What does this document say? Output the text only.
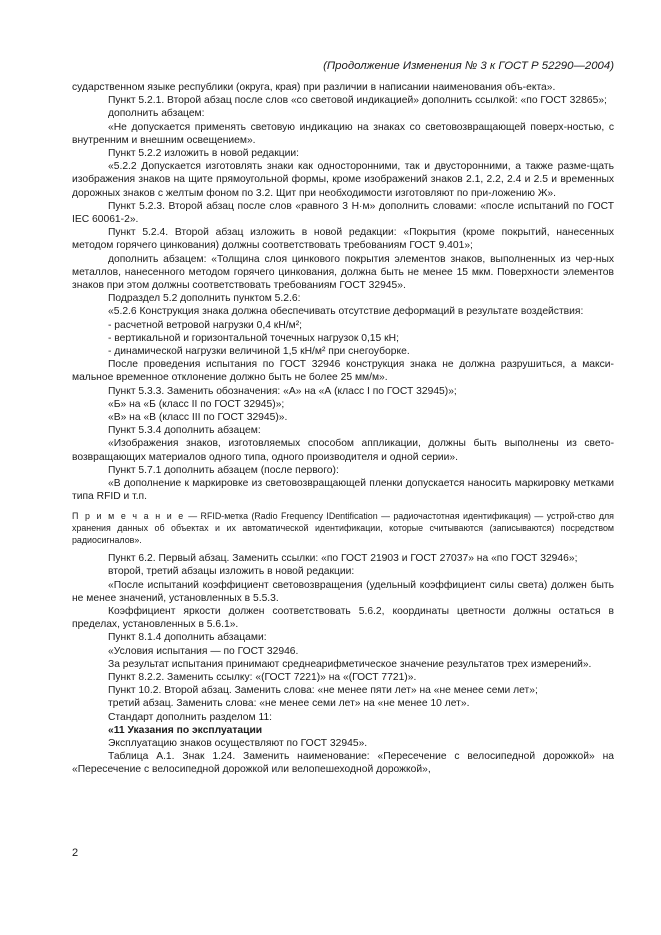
(Продолжение Изменения № 3 к ГОСТ Р 52290—2004)
сударственном языке республики (округа, края) при различии в написании наименования объ-екта».
Пункт 5.2.1. Второй абзац после слов «со световой индикацией» дополнить ссылкой: «по ГОСТ 32865»;
дополнить абзацем:
«Не допускается применять световую индикацию на знаках со световозвращающей поверх-ностью, с внутренним и внешним освещением».
Пункт 5.2.2 изложить в новой редакции:
«5.2.2 Допускается изготовлять знаки как односторонними, так и двусторонними, а также разме-щать изображения знаков на щите прямоугольной формы, кроме изображений знаков 2.1, 2.2, 2.4 и 2.5 и временных дорожных знаков с желтым фоном по 3.2. Щит при необходимости изготовляют по при-ложению Ж».
Пункт 5.2.3. Второй абзац после слов «равного 3 Н·м» дополнить словами: «после испытаний по ГОСТ IEC 60061-2».
Пункт 5.2.4. Второй абзац изложить в новой редакции: «Покрытия (кроме покрытий, нанесенных методом горячего цинкования) должны соответствовать требованиям ГОСТ 9.401»;
дополнить абзацем: «Толщина слоя цинкового покрытия элементов знаков, выполненных из чер-ных металлов, нанесенного методом горячего цинкования, должна быть не менее 15 мкм. Поверхности элементов знаков при этом должны соответствовать требованиям ГОСТ 32945».
Подраздел 5.2 дополнить пунктом 5.2.6:
«5.2.6 Конструкция знака должна обеспечивать отсутствие деформаций в результате воздействия:
- расчетной ветровой нагрузки 0,4 кН/м²;
- вертикальной и горизонтальной точечных нагрузок 0,15 кН;
- динамической нагрузки величиной 1,5 кН/м² при снегоуборке.
После проведения испытания по ГОСТ 32946 конструкция знака не должна разрушиться, а макси-мальное временное отклонение должно быть не более 25 мм/м».
Пункт 5.3.3. Заменить обозначения: «А» на «А (класс I по ГОСТ 32945)»;
«Б» на «Б (класс II по ГОСТ 32945)»;
«В» на «В (класс III по ГОСТ 32945)».
Пункт 5.3.4 дополнить абзацем:
«Изображения знаков, изготовляемых способом аппликации, должны быть выполнены из свето-возвращающих материалов одного типа, одного производителя и одной серии».
Пункт 5.7.1 дополнить абзацем (после первого):
«В дополнение к маркировке из световозвращающей пленки допускается наносить маркировку метками типа RFID и т.п.
П р и м е ч а н и е — RFID-метка (Radio Frequency IDentification — радиочастотная идентификация) — устрой-ство для хранения данных об объектах и их автоматической идентификации, которые считываются (записываются) посредством радиосигналов».
Пункт 6.2. Первый абзац. Заменить ссылки: «по ГОСТ 21903 и ГОСТ 27037» на «по ГОСТ 32946»;
второй, третий абзацы изложить в новой редакции:
«После испытаний коэффициент световозвращения (удельный коэффициент силы света) должен быть не менее значений, установленных в 5.5.3.
Коэффициент яркости должен соответствовать 5.6.2, координаты цветности должны остаться в пределах, установленных в 5.6.1».
Пункт 8.1.4 дополнить абзацами:
«Условия испытания — по ГОСТ 32946.
За результат испытания принимают среднеарифметическое значение результатов трех измерений».
Пункт 8.2.2. Заменить ссылку: «(ГОСТ 7221)» на «(ГОСТ 7721)».
Пункт 10.2. Второй абзац. Заменить слова: «не менее пяти лет» на «не менее семи лет»;
третий абзац. Заменить слова: «не менее семи лет» на «не менее 10 лет».
Стандарт дополнить разделом 11:
«11 Указания по эксплуатации
Эксплуатацию знаков осуществляют по ГОСТ 32945».
Таблица А.1. Знак 1.24. Заменить наименование: «Пересечение с велосипедной дорожкой» на «Пересечение с велосипедной дорожкой или велопешеходной дорожкой»,
2
